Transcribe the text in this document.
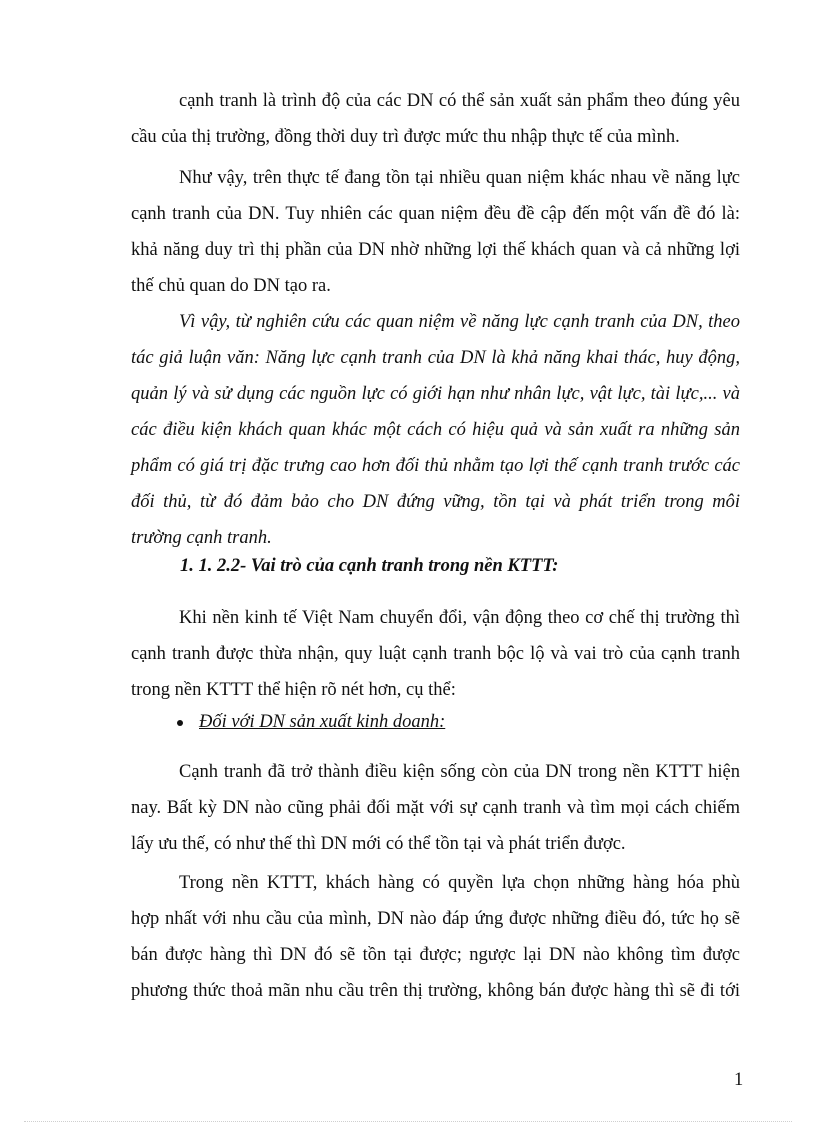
cạnh tranh là trình độ của các DN có thể sản xuất sản phẩm theo đúng yêu
cầu của thị trường, đồng thời duy trì được mức thu nhập thực tế của mình.
Như vậy, trên thực tế đang tồn tại nhiều quan niệm khác nhau về năng lực
cạnh tranh của DN. Tuy nhiên các quan niệm đều đề cập đến một vấn đề đó là:
khả năng duy trì thị phần của DN nhờ những lợi thế khách quan và cả những lợi
thế chủ quan do DN tạo ra.
Vì vậy, từ nghiên cứu các quan niệm về năng lực cạnh tranh của DN, theo
tác giả luận văn: Năng lực cạnh tranh của DN là khả năng khai thác, huy động,
quản lý và sử dụng các nguồn lực có giới hạn như nhân lực, vật lực, tài lực,... và
các điều kiện khách quan khác một cách có hiệu quả và sản xuất ra những sản
phẩm có giá trị đặc trưng cao hơn đối thủ nhằm tạo lợi thế cạnh tranh trước các
đối thủ, từ đó đảm bảo cho DN đứng vững, tồn tại và phát triển trong môi
trường cạnh tranh.
1. 1. 2.2- Vai trò của cạnh tranh trong nền KTTT:
Khi nền kinh tế Việt Nam chuyển đổi, vận động theo cơ chế thị trường thì
cạnh tranh được thừa nhận, quy luật cạnh tranh bộc lộ và vai trò của cạnh tranh
trong nền KTTT thể hiện rõ nét hơn, cụ thể:
Đối với DN sản xuất kinh doanh:
Cạnh tranh đã trở thành điều kiện sống còn của DN trong nền KTTT hiện
nay. Bất kỳ DN nào cũng phải đối mặt với sự cạnh tranh và tìm mọi cách chiếm
lấy ưu thế, có như thế thì DN mới có thể tồn tại và phát triển được.
Trong nền KTTT, khách hàng có quyền lựa chọn những hàng hóa phù
hợp nhất với nhu cầu của mình, DN nào đáp ứng được những điều đó, tức họ sẽ
bán được hàng thì DN đó sẽ tồn tại được; ngược lại DN nào không tìm được
phương thức thoả mãn nhu cầu trên thị trường, không bán được hàng thì sẽ đi tới
1
